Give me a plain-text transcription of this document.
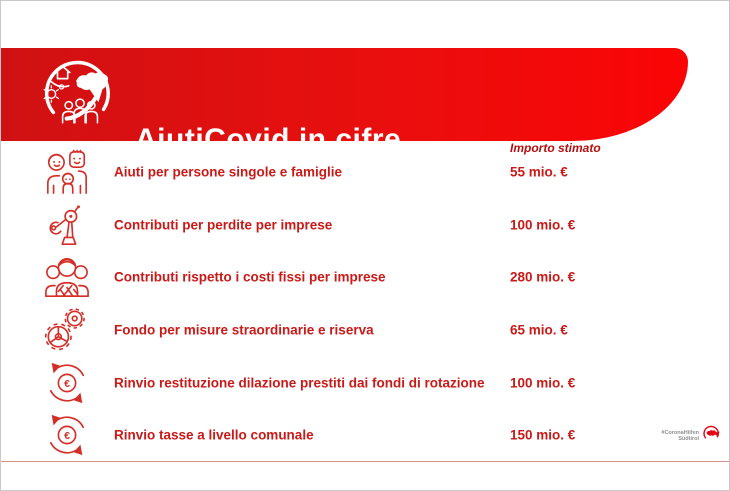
AiutiCovid in cifre	Importo stimato
Aiuti per persone singole e famiglie	55 mio. €
Contributi per perdite per imprese	100 mio. €
Contributi rispetto i costi fissi per imprese	280 mio. €
Fondo per misure straordinarie e riserva	65 mio. €
€	Rinvio restituzione dilazione prestiti dai fondi di rotazione 100 mio. €
€	Rinvio tasse a livello comunale	150 mio. €	#CoronaHilfen
Südtirol
